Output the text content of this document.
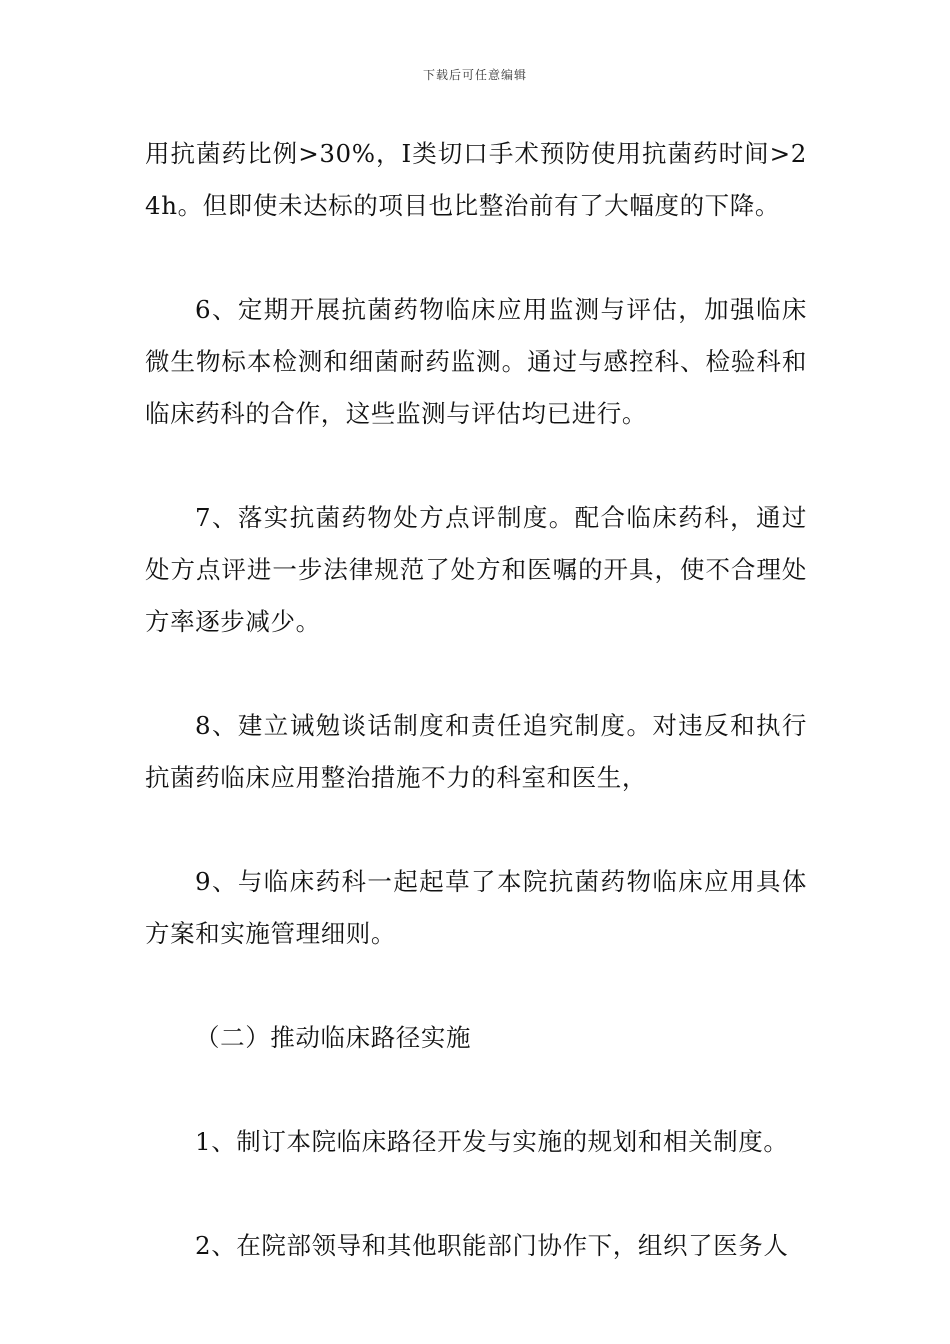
下载后可任意编辑

用抗菌药比例>30%，I类切口手术预防使用抗菌药时间>24h。但即使未达标的项目也比整治前有了大幅度的下降。

6、定期开展抗菌药物临床应用监测与评估，加强临床微生物标本检测和细菌耐药监测。通过与感控科、检验科和临床药科的合作，这些监测与评估均已进行。

7、落实抗菌药物处方点评制度。配合临床药科，通过处方点评进一步法律规范了处方和医嘱的开具，使不合理处方率逐步减少。

8、建立诫勉谈话制度和责任追究制度。对违反和执行抗菌药临床应用整治措施不力的科室和医生，

9、与临床药科一起起草了本院抗菌药物临床应用具体方案和实施管理细则。

（二）推动临床路径实施

1、制订本院临床路径开发与实施的规划和相关制度。

2、在院部领导和其他职能部门协作下，组织了医务人
